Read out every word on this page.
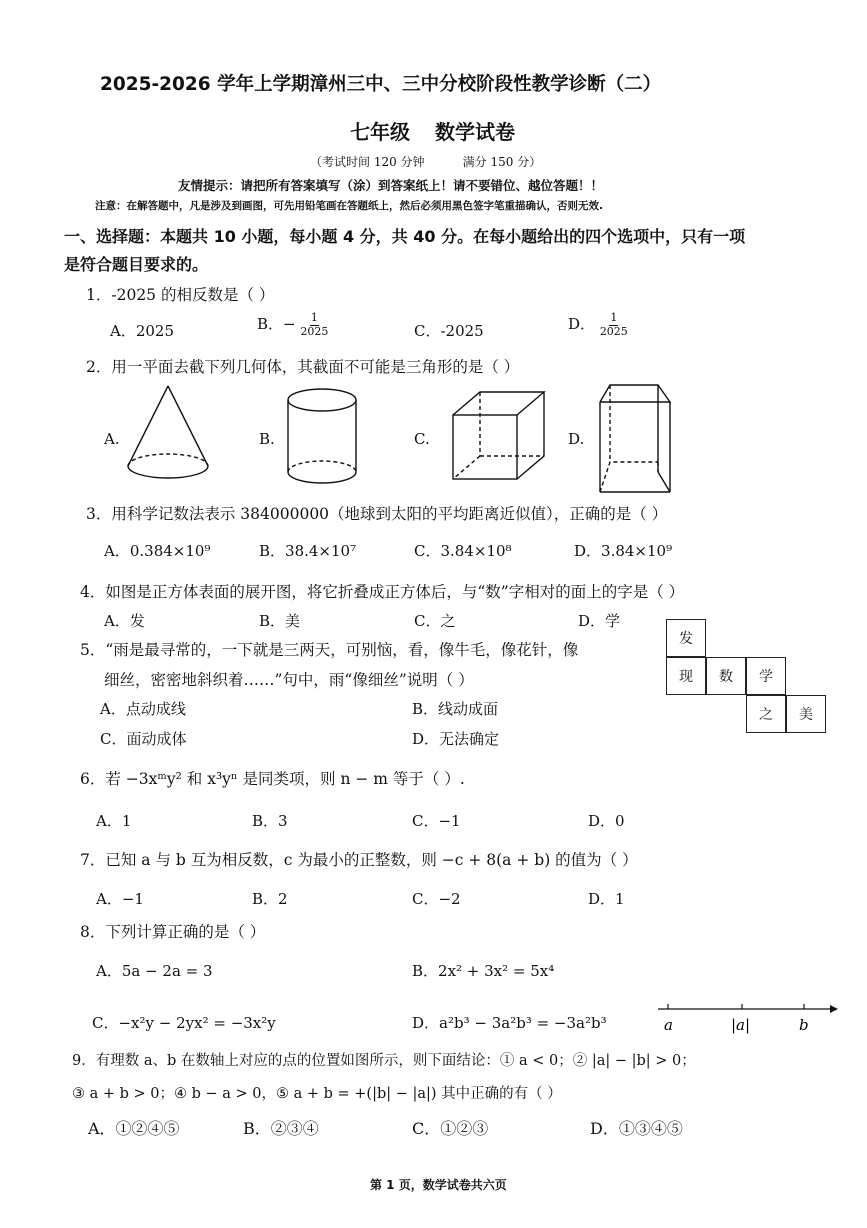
2025-2026 学年上学期漳州三中、三中分校阶段性教学诊断（二）
七年级 数学试卷
（考试时间 120 分钟          满分 150 分）
友情提示：请把所有答案填写（涂）到答案纸上！请不要错位、越位答题！！
注意：在解答题中，凡是涉及到画图，可先用铅笔画在答题纸上，然后必须用黑色签字笔重描确认，否则无效.
一、选择题：本题共 10 小题，每小题 4 分，共 40 分。在每小题给出的四个选项中，只有一项
是符合题目要求的。
1．-2025 的相反数是（ ）
A．2025	B．− $\frac{1}{2025}$	C．-2025	D． $\frac{1}{2025}$
2．用一平面去截下列几何体，其截面不可能是三角形的是（ ）
A.	B.	C.	D.
3．用科学记数法表示 384000000（地球到太阳的平均距离近似值），正确的是（ ）
A．0.384×10⁹	B．38.4×10⁷	C．3.84×10⁸	D．3.84×10⁹
4．如图是正方体表面的展开图，将它折叠成正方体后，与“数”字相对的面上的字是（ ）
A．发	B．美	C．之	D．学
发
现	数	学
之	美
5．“雨是最寻常的，一下就是三两天，可别恼，看，像牛毛，像花针，像
细丝，密密地斜织着……”句中，雨“像细丝”说明（ ）
A．点动成线	B．线动成面
C．面动成体	D．无法确定
6．若 −3xᵐy² 和 x³yⁿ 是同类项，则 n − m 等于（ ）.
A．1	B．3	C．−1	D．0
7．已知 a 与 b 互为相反数，c 为最小的正整数，则 −c + 8(a + b) 的值为（ ）
A．−1	B．2	C．−2	D．1
8．下列计算正确的是（ ）
A．5a − 2a = 3	B．2x² + 3x² = 5x⁴
C．−x²y − 2yx² = −3x²y	D．a²b³ − 3a²b³ = −3a²b³	a	|a|	b
9．有理数 a、b 在数轴上对应的点的位置如图所示，则下面结论：① a < 0；② |a| − |b| > 0；
③ a + b > 0；④ b − a > 0，⑤ a + b = +(|b| − |a|) 其中正确的有（ ）
A．①②④⑤	B．②③④	C．①②③	D．①③④⑤
第 1 页，数学试卷共六页
